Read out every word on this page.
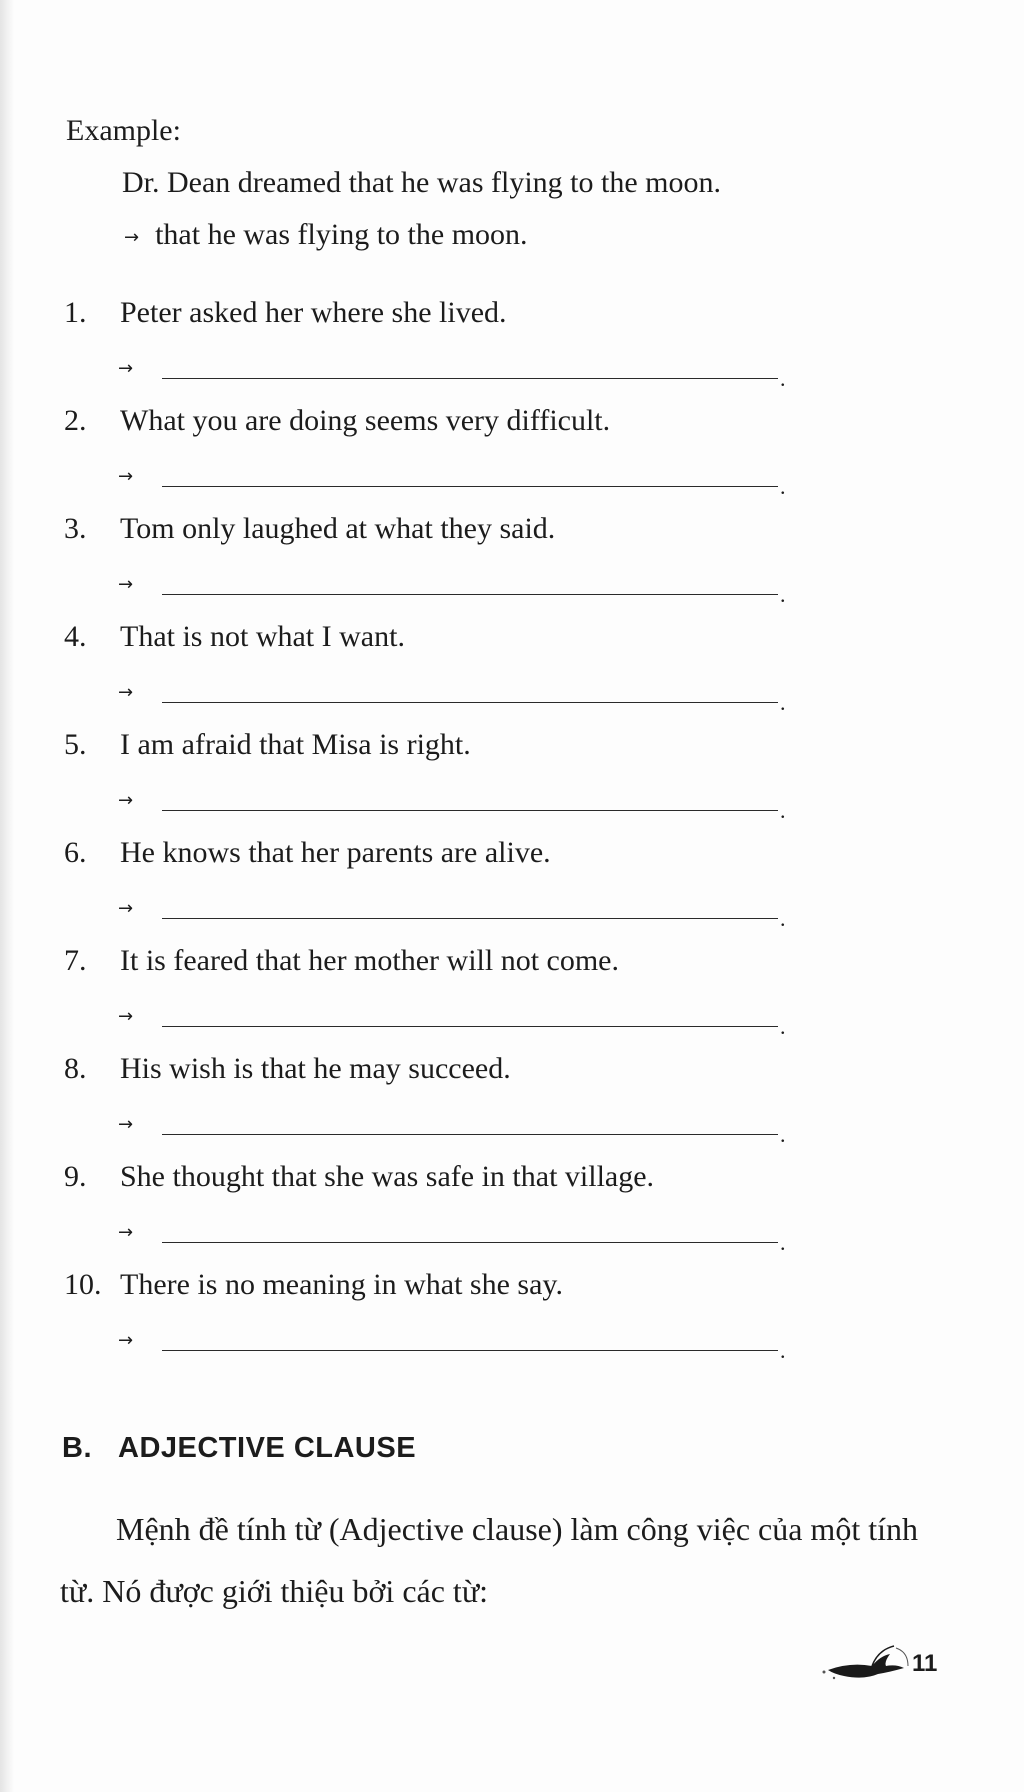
Example:
Dr. Dean dreamed that he was flying to the moon.
→ that he was flying to the moon.
1. Peter asked her where she lived.
→	.
2. What you are doing seems very difficult.
→	.
3. Tom only laughed at what they said.
→	.
4. That is not what I want.
→	.
5. I am afraid that Misa is right.
→	.
6. He knows that her parents are alive.
→	.
7. It is feared that her mother will not come.
→	.
8. His wish is that he may succeed.
→	.
9. She thought that she was safe in that village.
→	.
10. There is no meaning in what she say.
→	.
B. ADJECTIVE CLAUSE
Mệnh đề tính từ (Adjective clause) làm công việc của một tính từ. Nó được giới thiệu bởi các từ:
11
